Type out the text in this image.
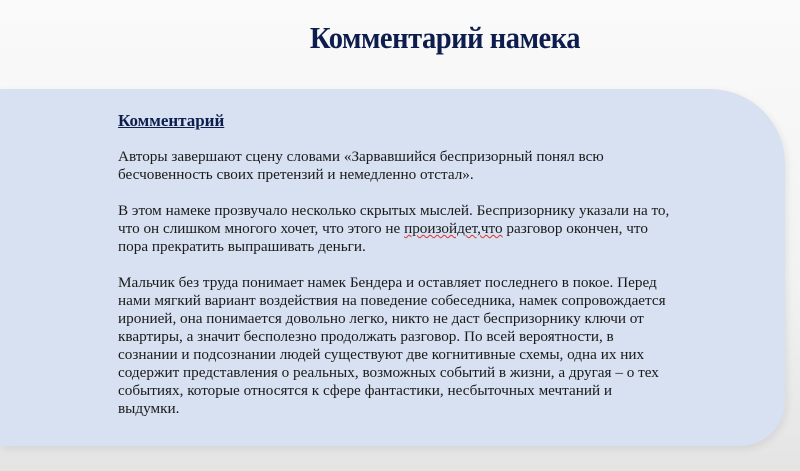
Комментарий намека
Комментарий
Авторы завершают сцену словами «Зарвавшийся беспризорный понял всю
бесчовенность своих претензий и немедленно отстал».
В этом намеке прозвучало несколько скрытых мыслей. Беспризорнику указали на то,
что он слишком многого хочет, что этого не произойдет,что разговор окончен, что
пора прекратить выпрашивать деньги.
Мальчик без труда понимает намек Бендера и оставляет последнего в покое. Перед
нами мягкий вариант воздействия на поведение собеседника, намек сопровождается
иронией, она понимается довольно легко, никто не даст беспризорнику ключи от
квартиры, а значит бесполезно продолжать разговор. По всей вероятности, в
сознании и подсознании людей существуют две когнитивные схемы, одна их них
содержит представления о реальных, возможных событий в жизни, а другая – о тех
событиях, которые относятся к сфере фантастики, несбыточных мечтаний и
выдумки.
